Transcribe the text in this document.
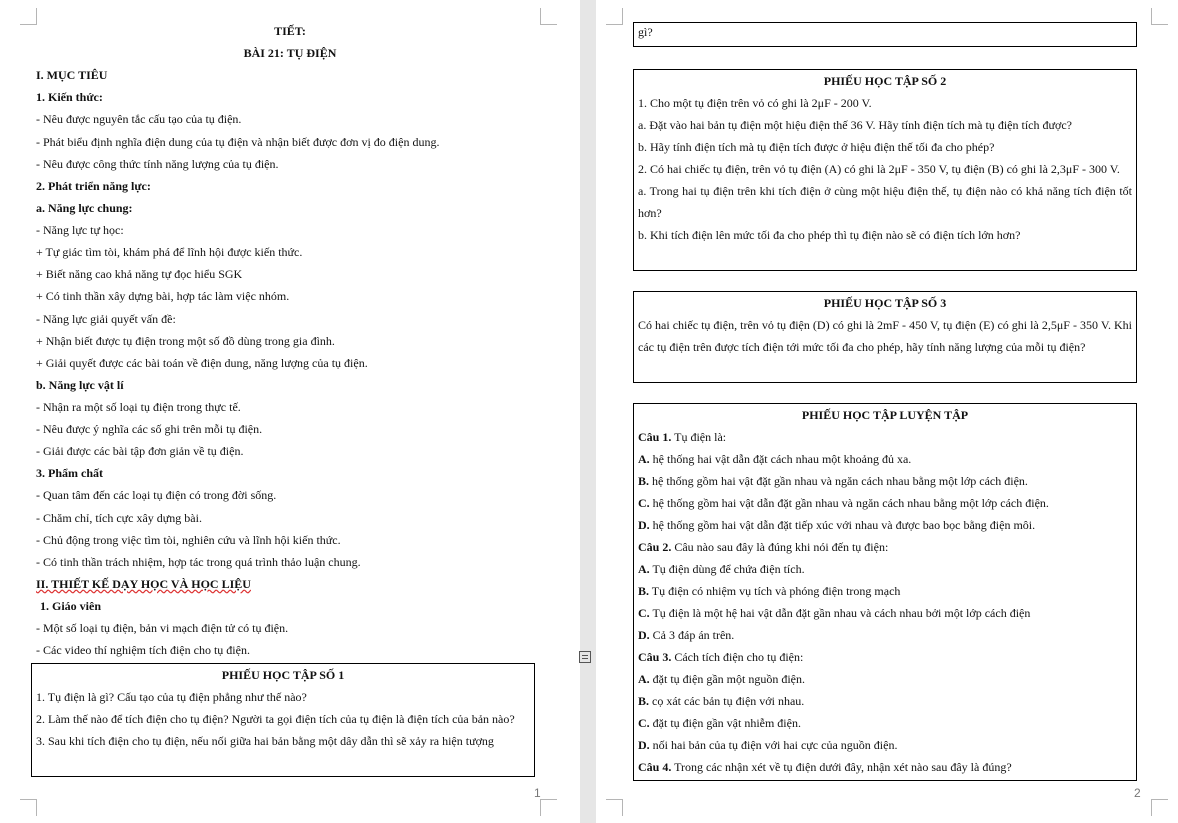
TIẾT:
BÀI 21: TỤ ĐIỆN
I. MỤC TIÊU
1. Kiến thức:
- Nêu được nguyên tắc cấu tạo của tụ điện.
- Phát biểu định nghĩa điện dung của tụ điện và nhận biết được đơn vị đo điện dung.
- Nêu được công thức tính năng lượng của tụ điện.
2. Phát triển năng lực:
a. Năng lực chung:
- Năng lực tự học:
+ Tự giác tìm tòi, khám phá để lĩnh hội được kiến thức.
+ Biết năng cao khả năng tự đọc hiểu SGK
+ Có tinh thần xây dựng bài, hợp tác làm việc nhóm.
- Năng lực giải quyết vấn đề:
+ Nhận biết được tụ điện trong một số đồ dùng trong gia đình.
+ Giải quyết được các bài toán về điện dung, năng lượng của tụ điện.
b. Năng lực vật lí
- Nhận ra một số loại tụ điện trong thực tế.
- Nêu được ý nghĩa các số ghi trên mỗi tụ điện.
- Giải được các bài tập đơn giản về tụ điện.
3. Phẩm chất
- Quan tâm đến các loại tụ điện có trong đời sống.
- Chăm chỉ, tích cực xây dựng bài.
- Chủ động trong việc tìm tòi, nghiên cứu và lĩnh hội kiến thức.
- Có tinh thần trách nhiệm, hợp tác trong quá trình thảo luận chung.
II. THIẾT KẾ DẠY HỌC VÀ HỌC LIỆU
1. Giáo viên
- Một số loại tụ điện, bản vi mạch điện tử có tụ điện.
- Các video thí nghiệm tích điện cho tụ điện.

PHIẾU HỌC TẬP SỐ 1

1. Tụ điện là gì? Cấu tạo của tụ điện phẳng như thế nào?

2. Làm thế nào để tích điện cho tụ điện? Người ta gọi điện tích của tụ điện là điện tích của bản nào?

3. Sau khi tích điện cho tụ điện, nếu nối giữa hai bản bằng một dây dẫn thì sẽ xảy ra hiện tượng

1

gì?

PHIẾU HỌC TẬP SỐ 2

1. Cho một tụ điện trên vỏ có ghi là 2μF - 200 V.

a. Đặt vào hai bản tụ điện một hiệu điện thế 36 V. Hãy tính điện tích mà tụ điện tích được?

b. Hãy tính điện tích mà tụ điện tích được ở hiệu điện thế tối đa cho phép?

2. Có hai chiếc tụ điện, trên vỏ tụ điện (A) có ghi là 2μF - 350 V, tụ điện (B) có ghi là 2,3μF - 300 V.

a. Trong hai tụ điện trên khi tích điện ở cùng một hiệu điện thế, tụ điện nào có khả năng tích điện tốt hơn?

b. Khi tích điện lên mức tối đa cho phép thì tụ điện nào sẽ có điện tích lớn hơn?

PHIẾU HỌC TẬP SỐ 3

Có hai chiếc tụ điện, trên vỏ tụ điện (D) có ghi là 2mF - 450 V, tụ điện (E) có ghi là 2,5μF - 350 V. Khi các tụ điện trên được tích điện tới mức tối đa cho phép, hãy tính năng lượng của mỗi tụ điện?

PHIẾU HỌC TẬP LUYỆN TẬP

Câu 1. Tụ điện là:

A. hệ thống hai vật dẫn đặt cách nhau một khoảng đủ xa.

B. hệ thống gồm hai vật đặt gần nhau và ngăn cách nhau bằng một lớp cách điện.

C. hệ thống gồm hai vật dẫn đặt gần nhau và ngăn cách nhau bằng một lớp cách điện.

D. hệ thống gồm hai vật dẫn đặt tiếp xúc với nhau và được bao bọc bằng điện môi.

Câu 2. Câu nào sau đây là đúng khi nói đến tụ điện:

A. Tụ điện dùng để chứa điện tích.

B. Tụ điện có nhiệm vụ tích và phóng điện trong mạch

C. Tụ điện là một hệ hai vật dẫn đặt gần nhau và cách nhau bởi một lớp cách điện

D. Cả 3 đáp án trên.

Câu 3. Cách tích điện cho tụ điện:

A. đặt tụ điện gần một nguồn điện.

B. cọ xát các bản tụ điện với nhau.

C. đặt tụ điện gần vật nhiễm điện.

D. nối hai bản của tụ điện với hai cực của nguồn điện.

Câu 4. Trong các nhận xét về tụ điện dưới đây, nhận xét nào sau đây là đúng?

2
